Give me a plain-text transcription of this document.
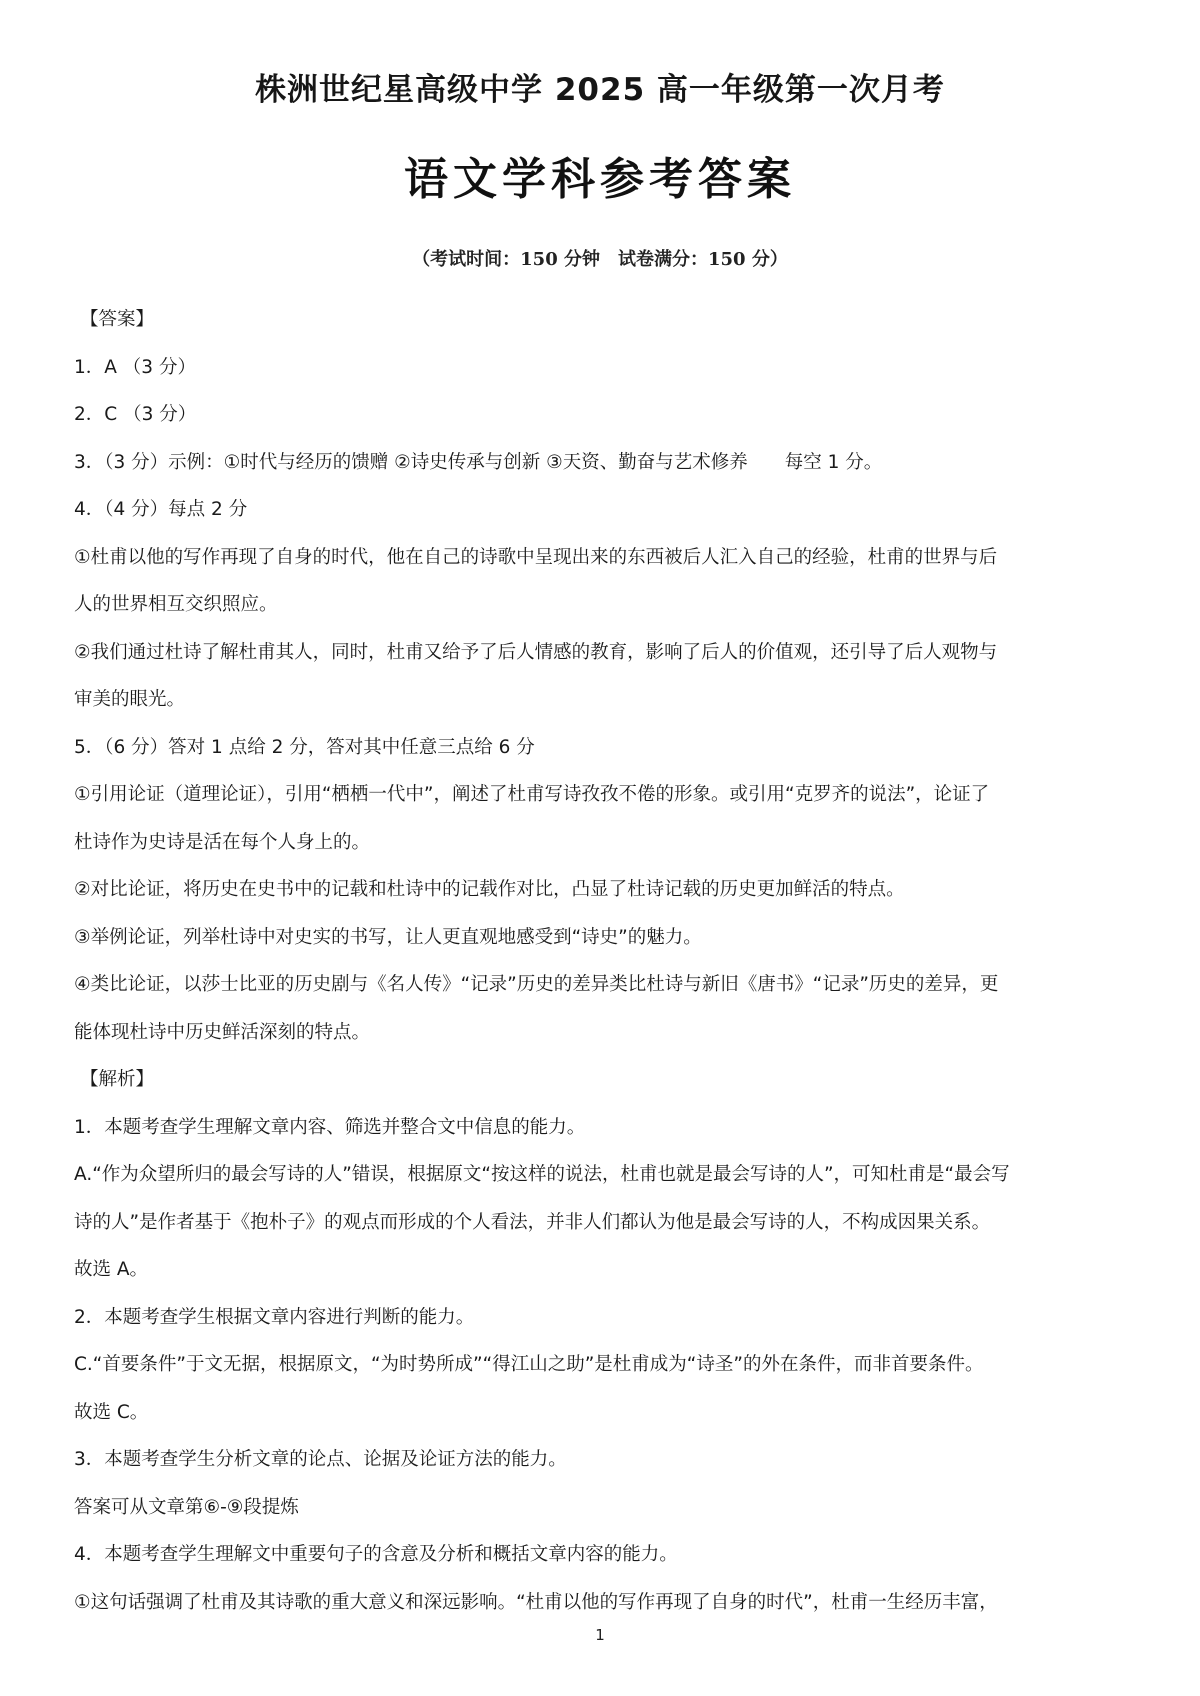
株洲世纪星高级中学 2025 高一年级第一次月考
语文学科参考答案
（考试时间：150 分钟　试卷满分：150 分）
【答案】
1．A （3 分）
2．C （3 分）
3．（3 分）示例：①时代与经历的馈赠 ②诗史传承与创新 ③天资、勤奋与艺术修养　　每空 1 分。
4．（4 分）每点 2 分
①杜甫以他的写作再现了自身的时代，他在自己的诗歌中呈现出来的东西被后人汇入自己的经验，杜甫的世界与后
人的世界相互交织照应。
②我们通过杜诗了解杜甫其人，同时，杜甫又给予了后人情感的教育，影响了后人的价值观，还引导了后人观物与
审美的眼光。
5．（6 分）答对 1 点给 2 分，答对其中任意三点给 6 分
①引用论证（道理论证），引用“栖栖一代中”，阐述了杜甫写诗孜孜不倦的形象。或引用“克罗齐的说法”，论证了
杜诗作为史诗是活在每个人身上的。
②对比论证，将历史在史书中的记载和杜诗中的记载作对比，凸显了杜诗记载的历史更加鲜活的特点。
③举例论证，列举杜诗中对史实的书写，让人更直观地感受到“诗史”的魅力。
④类比论证，以莎士比亚的历史剧与《名人传》“记录”历史的差异类比杜诗与新旧《唐书》“记录”历史的差异，更
能体现杜诗中历史鲜活深刻的特点。
【解析】
1．本题考查学生理解文章内容、筛选并整合文中信息的能力。
A.“作为众望所归的最会写诗的人”错误，根据原文“按这样的说法，杜甫也就是最会写诗的人”，可知杜甫是“最会写
诗的人”是作者基于《抱朴子》的观点而形成的个人看法，并非人们都认为他是最会写诗的人，不构成因果关系。
故选 A。
2．本题考查学生根据文章内容进行判断的能力。
C.“首要条件”于文无据，根据原文，“为时势所成”“得江山之助”是杜甫成为“诗圣”的外在条件，而非首要条件。
故选 C。
3．本题考查学生分析文章的论点、论据及论证方法的能力。
答案可从文章第⑥-⑨段提炼
4．本题考查学生理解文中重要句子的含意及分析和概括文章内容的能力。
①这句话强调了杜甫及其诗歌的重大意义和深远影响。“杜甫以他的写作再现了自身的时代”，杜甫一生经历丰富，
1
